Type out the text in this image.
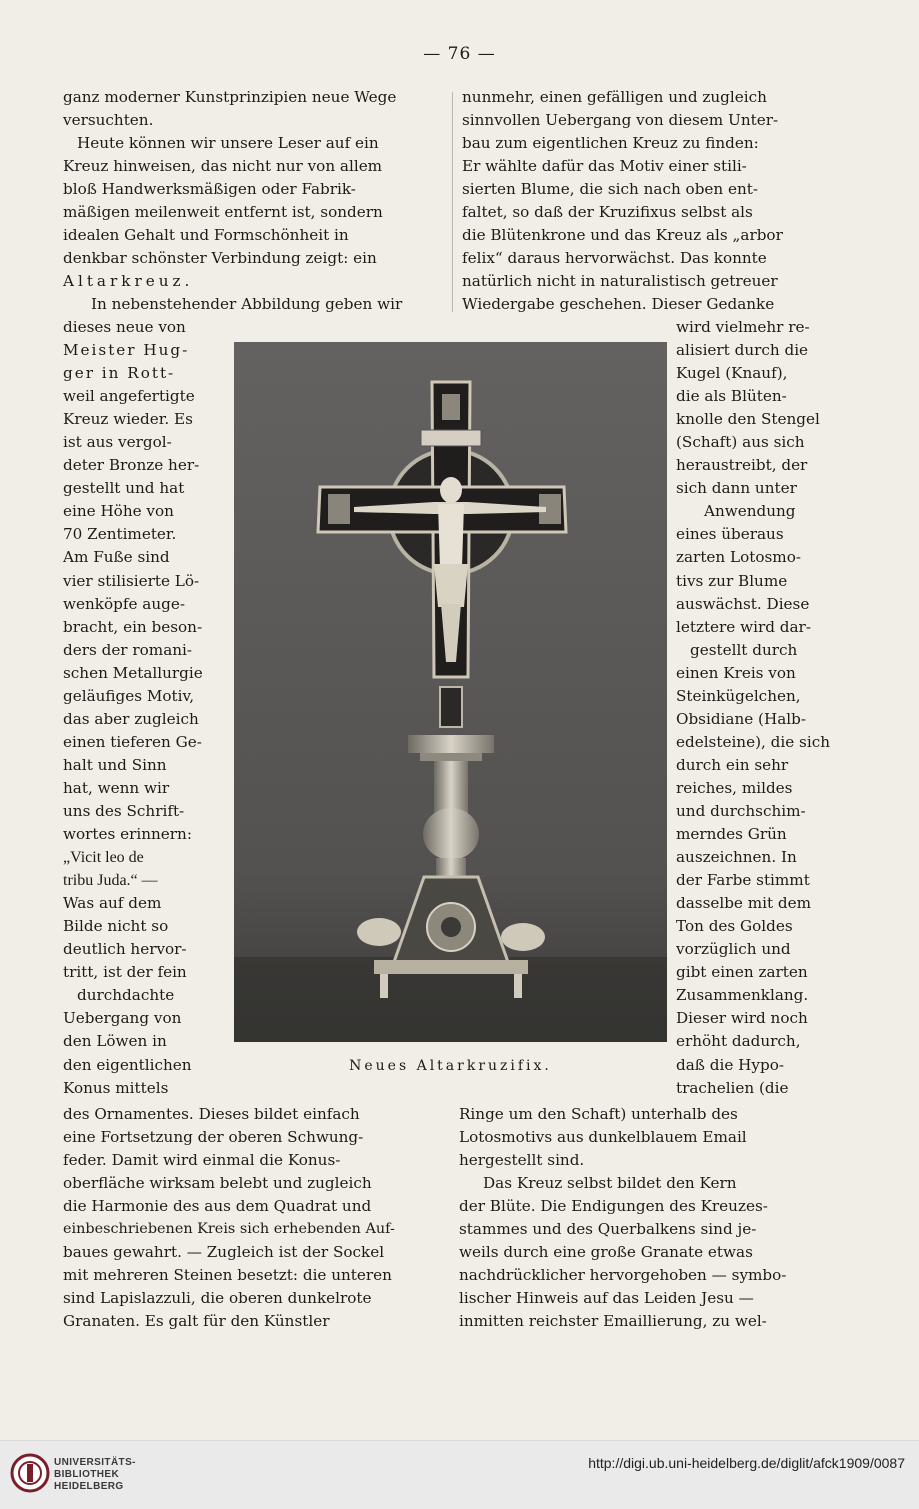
— 76 —

ganz moderner Kunstprinzipien neue Wege

versuchten.

Heute können wir unsere Leser auf ein

Kreuz hinweisen, das nicht nur von allem

bloß Handwerksmäßigen oder Fabrik-

mäßigen meilenweit entfernt ist, sondern

idealen Gehalt und Formschönheit in

denkbar schönster Verbindung zeigt: ein

Altarkreuz.

In nebenstehender Abbildung geben wir

nunmehr, einen gefälligen und zugleich

sinnvollen Uebergang von diesem Unter-

bau zum eigentlichen Kreuz zu finden:

Er wählte dafür das Motiv einer stili-

sierten Blume, die sich nach oben ent-

faltet, so daß der Kruzifixus selbst als

die Blütenkrone und das Kreuz als „arbor

felix“ daraus hervorwächst. Das konnte

natürlich nicht in naturalistisch getreuer

Wiedergabe geschehen. Dieser Gedanke

dieses neue von

Meister Hug-

ger in Rott-

weil angefertigte

Kreuz wieder. Es

ist aus vergol-

deter Bronze her-

gestellt und hat

eine Höhe von

70 Zentimeter.

Am Fuße sind

vier stilisierte Lö-

wenköpfe auge-

bracht, ein beson-

ders der romani-

schen Metallurgie

geläufiges Motiv,

das aber zugleich

einen tieferen Ge-

halt und Sinn

hat, wenn wir

uns des Schrift-

wortes erinnern:

„Vicit leo de

tribu Juda.“ —

Was auf dem

Bilde nicht so

deutlich hervor-

tritt, ist der fein

durchdachte

Uebergang von

den Löwen in

den eigentlichen

Konus mittels

Neues Altarkruzifix.

wird vielmehr re-

alisiert durch die

Kugel (Knauf),

die als Blüten-

knolle den Stengel

(Schaft) aus sich

heraustreibt, der

sich dann unter

Anwendung

eines überaus

zarten Lotosmo-

tivs zur Blume

auswächst. Diese

letztere wird dar-

gestellt durch

einen Kreis von

Steinkügelchen,

Obsidiane (Halb-

edelsteine), die sich

durch ein sehr

reiches, mildes

und durchschim-

merndes Grün

auszeichnen. In

der Farbe stimmt

dasselbe mit dem

Ton des Goldes

vorzüglich und

gibt einen zarten

Zusammenklang.

Dieser wird noch

erhöht dadurch,

daß die Hypo-

trachelien (die

des Ornamentes. Dieses bildet einfach

eine Fortsetzung der oberen Schwung-

feder. Damit wird einmal die Konus-

oberfläche wirksam belebt und zugleich

die Harmonie des aus dem Quadrat und

einbeschriebenen Kreis sich erhebenden Auf-

baues gewahrt. — Zugleich ist der Sockel

mit mehreren Steinen besetzt: die unteren

sind Lapislazzuli, die oberen dunkelrote

Granaten. Es galt für den Künstler

Ringe um den Schaft) unterhalb des

Lotosmotivs aus dunkelblauem Email

hergestellt sind.

Das Kreuz selbst bildet den Kern

der Blüte. Die Endigungen des Kreuzes-

stammes und des Querbalkens sind je-

weils durch eine große Granate etwas

nachdrücklicher hervorgehoben — symbo-

lischer Hinweis auf das Leiden Jesu —

inmitten reichster Emaillierung, zu wel-

UNIVERSITÄTS-
BIBLIOTHEK
HEIDELBERG
http://digi.ub.uni-heidelberg.de/diglit/afck1909/0087
